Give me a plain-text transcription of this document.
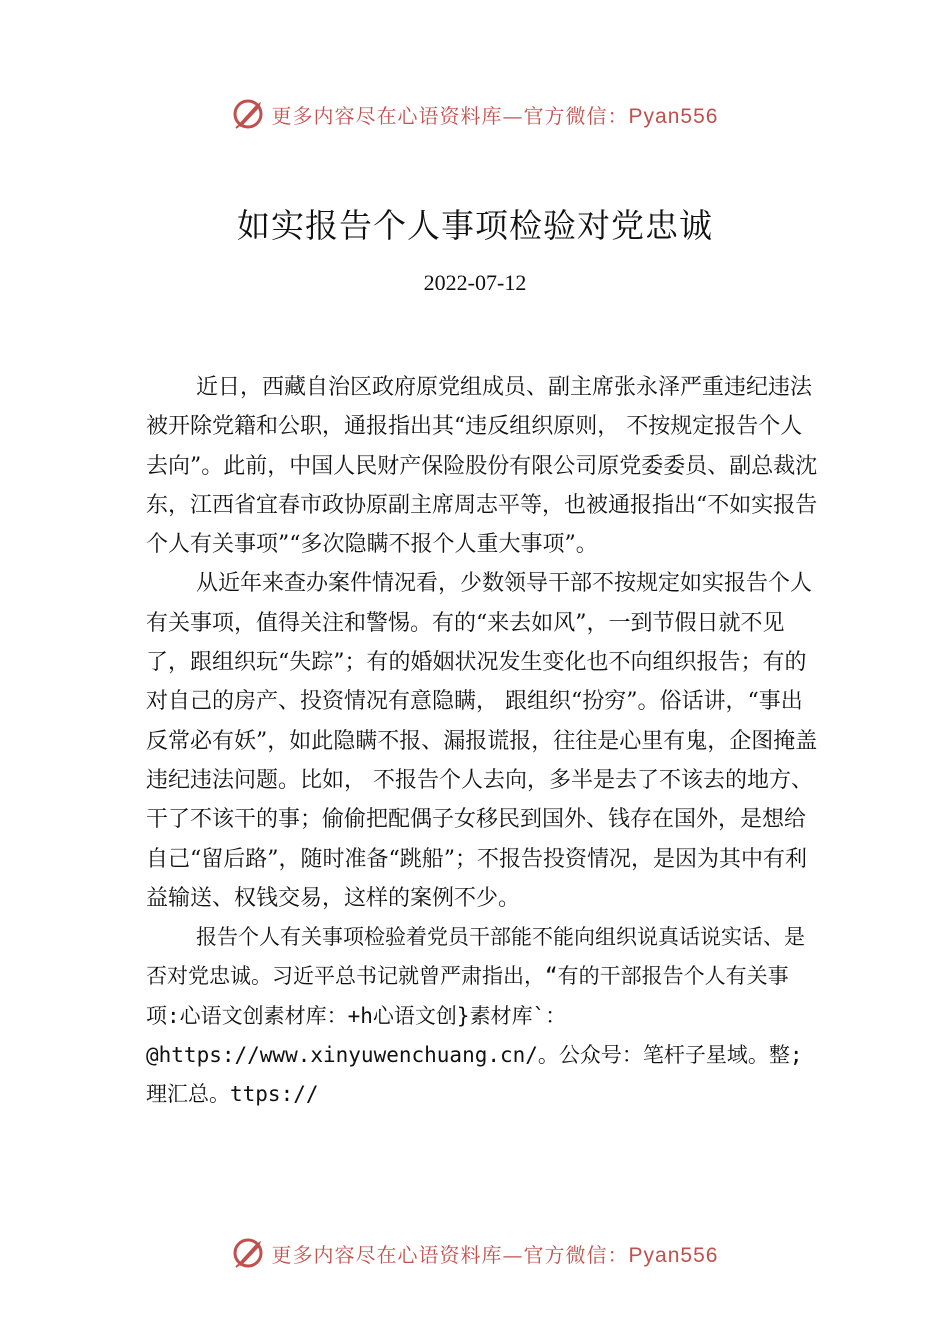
更多内容尽在心语资料库—官方微信：Pyan556
如实报告个人事项检验对党忠诚
2022-07-12

近日，西藏自治区政府原党组成员、副主席张永泽严重违纪违法被开除党籍和公职，通报指出其“违反组织原则， 不按规定报告个人去向”。此前，中国人民财产保险股份有限公司原党委委员、副总裁沈东，江西省宜春市政协原副主席周志平等，也被通报指出“不如实报告个人有关事项”“多次隐瞒不报个人重大事项”。

从近年来查办案件情况看，少数领导干部不按规定如实报告个人有关事项，值得关注和警惕。有的“来去如风”，一到节假日就不见了，跟组织玩“失踪”；有的婚姻状况发生变化也不向组织报告；有的对自己的房产、投资情况有意隐瞒， 跟组织“扮穷”。俗话讲，“事出反常必有妖”，如此隐瞒不报、漏报谎报，往往是心里有鬼，企图掩盖违纪违法问题。比如， 不报告个人去向，多半是去了不该去的地方、干了不该干的事；偷偷把配偶子女移民到国外、钱存在国外，是想给自己“留后路”，随时准备“跳船”；不报告投资情况，是因为其中有利益输送、权钱交易，这样的案例不少。

报告个人有关事项检验着党员干部能不能向组织说真话说实话、是否对党忠诚。习近平总书记就曾严肃指出，“有的干部报告个人有关事项:心语文创素材库：+h心语文创}素材库`：@https://www.xinyuwenchuang.cn/。公众号：笔杆子星域。整;理汇总。ttps://

更多内容尽在心语资料库—官方微信：Pyan556
